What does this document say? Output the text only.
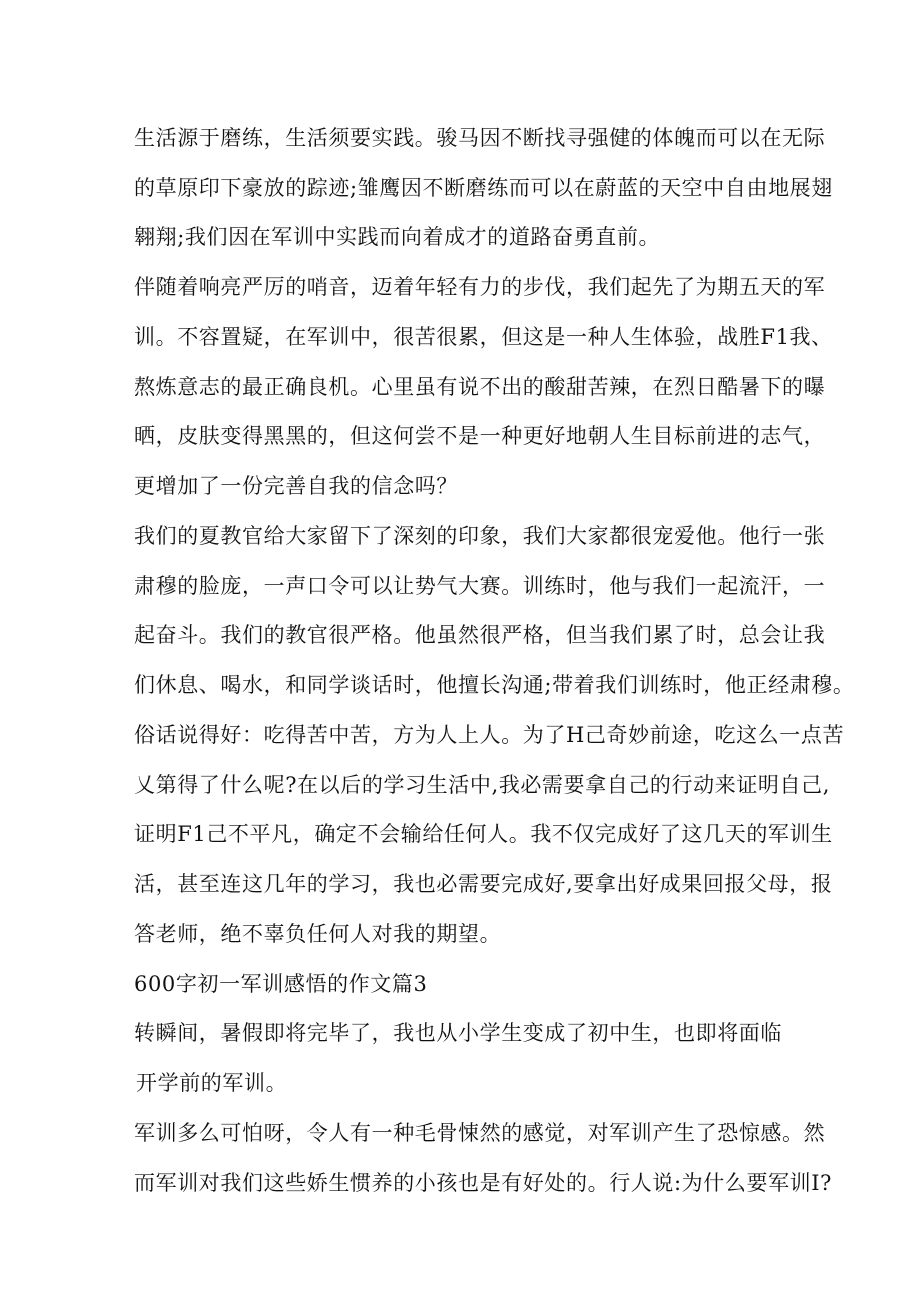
生活源于磨练，生活须要实践。骏马因不断找寻强健的体魄而可以在无际
的草原印下豪放的踪迹;雏鹰因不断磨练而可以在蔚蓝的天空中自由地展翅
翱翔;我们因在军训中实践而向着成才的道路奋勇直前。
伴随着响亮严厉的哨音，迈着年轻有力的步伐，我们起先了为期五天的军
训。不容置疑，在军训中，很苦很累，但这是一种人生体验，战胜F1我、
熬炼意志的最正确良机。心里虽有说不出的酸甜苦辣，在烈日酷暑下的曝
晒，皮肤变得黑黑的，但这何尝不是一种更好地朝人生目标前进的志气，
更增加了一份完善自我的信念吗？
我们的夏教官给大家留下了深刻的印象，我们大家都很宠爱他。他行一张
肃穆的脸庞，一声口令可以让势气大赛。训练时，他与我们一起流汗，一
起奋斗。我们的教官很严格。他虽然很严格，但当我们累了时，总会让我
们休息、喝水，和同学谈话时，他擅长沟通;带着我们训练时，他正经肃穆。
俗话说得好：吃得苦中苦，方为人上人。为了H己奇妙前途，吃这么一点苦
乂第得了什么呢?在以后的学习生活中,我必需要拿自己的行动来证明自己,
证明F1己不平凡，确定不会输给任何人。我不仅完成好了这几天的军训生
活，甚至连这几年的学习，我也必需要完成好,要拿出好成果回报父母，报
答老师，绝不辜负任何人对我的期望。
600字初一军训感悟的作文篇3
转瞬间，暑假即将完毕了，我也从小学生变成了初中生，也即将面临
开学前的军训。
军训多么可怕呀，令人有一种毛骨悚然的感觉，对军训产生了恐惊感。然
而军训对我们这些娇生惯养的小孩也是有好处的。行人说:为什么要军训I?
